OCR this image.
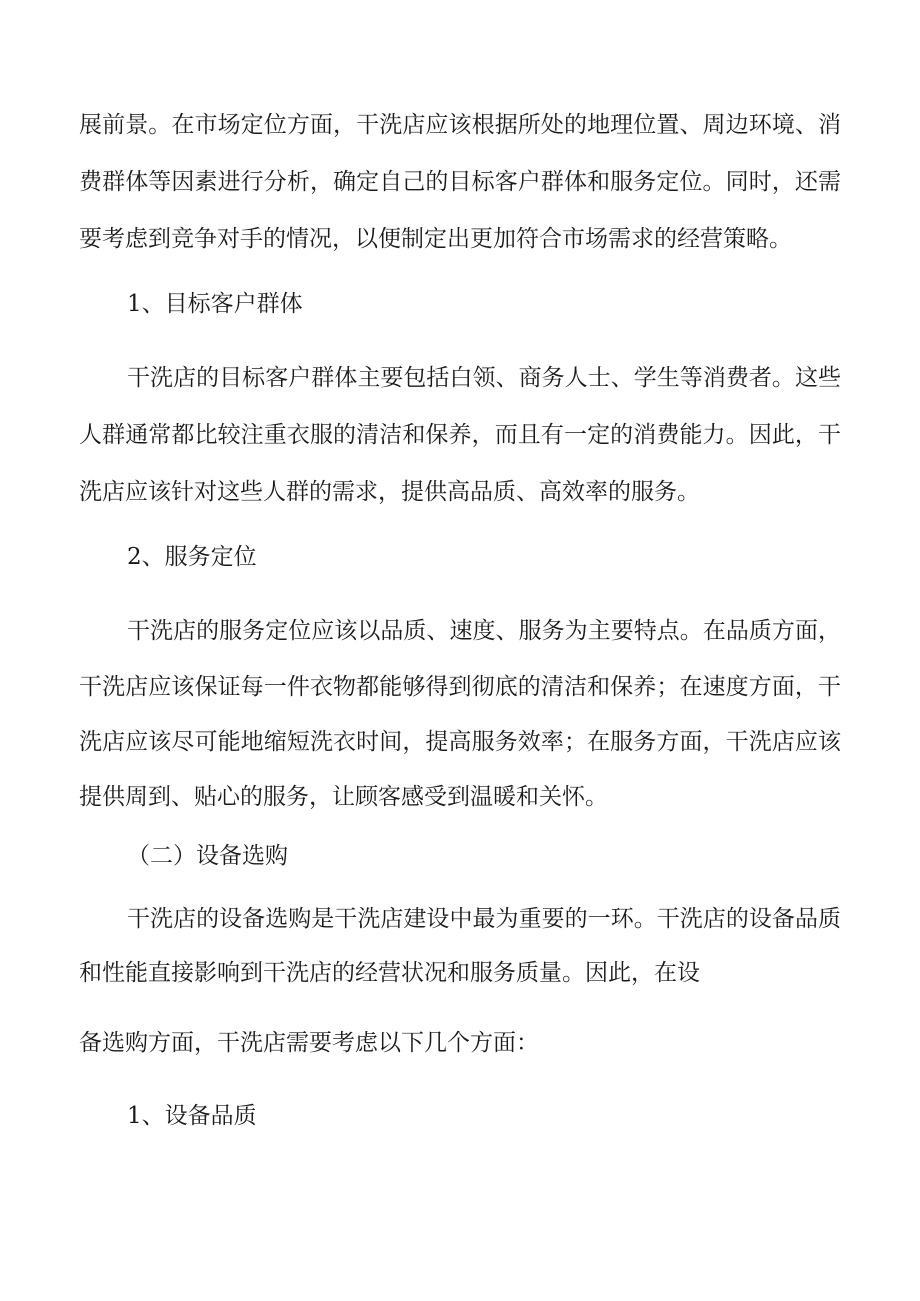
展前景。在市场定位方面，干洗店应该根据所处的地理位置、周边环境、消
费群体等因素进行分析，确定自己的目标客户群体和服务定位。同时，还需
要考虑到竞争对手的情况，以便制定出更加符合市场需求的经营策略。
1、目标客户群体
干洗店的目标客户群体主要包括白领、商务人士、学生等消费者。这些
人群通常都比较注重衣服的清洁和保养，而且有一定的消费能力。因此，干
洗店应该针对这些人群的需求，提供高品质、高效率的服务。
2、服务定位
干洗店的服务定位应该以品质、速度、服务为主要特点。在品质方面，
干洗店应该保证每一件衣物都能够得到彻底的清洁和保养；在速度方面，干
洗店应该尽可能地缩短洗衣时间，提高服务效率；在服务方面，干洗店应该
提供周到、贴心的服务，让顾客感受到温暖和关怀。
（二）设备选购
干洗店的设备选购是干洗店建设中最为重要的一环。干洗店的设备品质
和性能直接影响到干洗店的经营状况和服务质量。因此，在设
备选购方面，干洗店需要考虑以下几个方面：
1、设备品质
